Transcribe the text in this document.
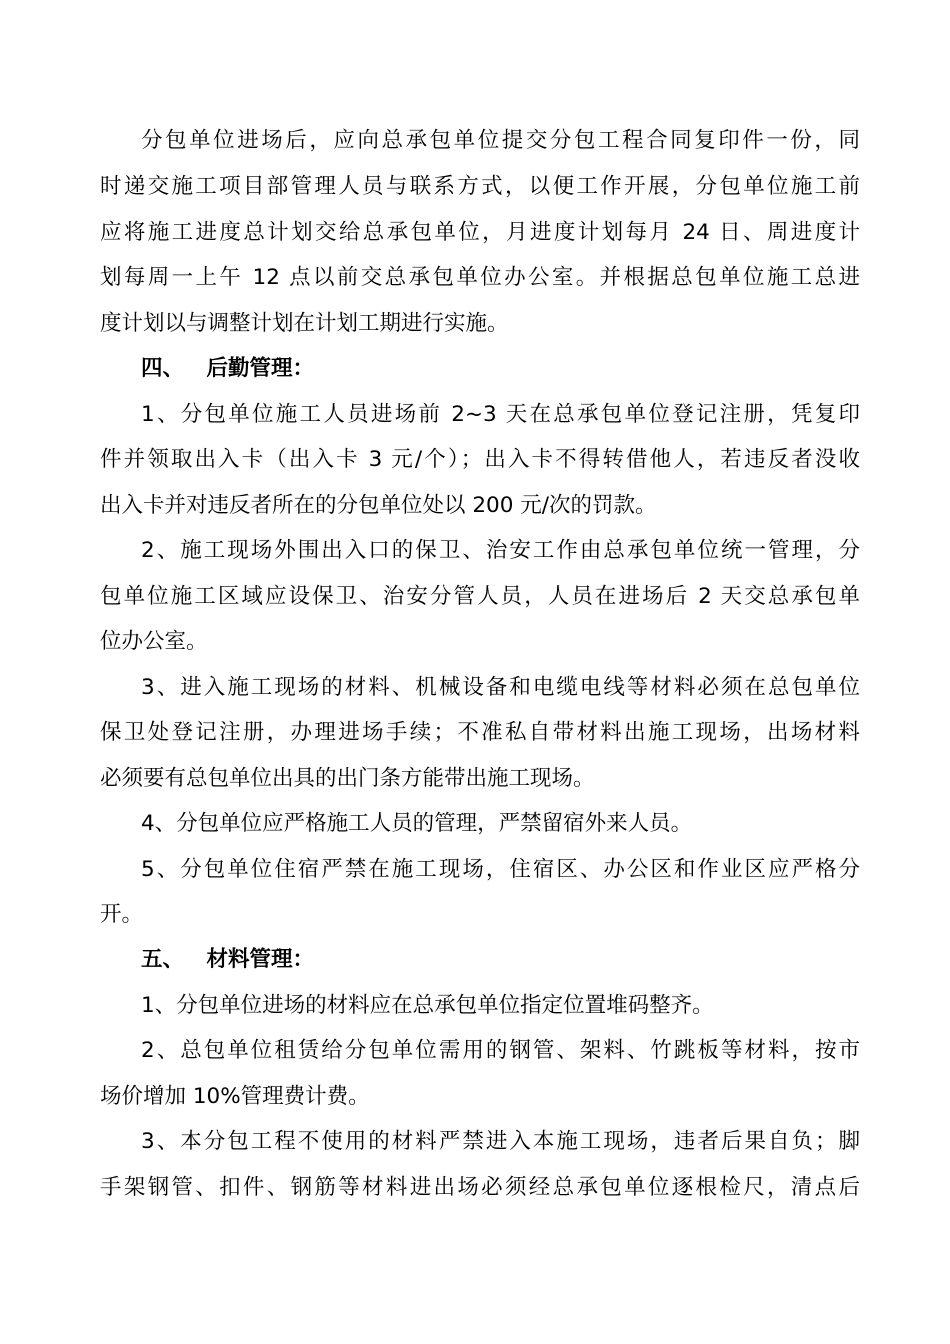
分包单位进场后，应向总承包单位提交分包工程合同复印件一份，同
时递交施工项目部管理人员与联系方式，以便工作开展，分包单位施工前
应将施工进度总计划交给总承包单位，月进度计划每月 24 日、周进度计
划每周一上午 12 点以前交总承包单位办公室。并根据总包单位施工总进
度计划以与调整计划在计划工期进行实施。
四、   后勤管理：
1、分包单位施工人员进场前 2~3 天在总承包单位登记注册，凭复印
件并领取出入卡（出入卡 3 元/个）；出入卡不得转借他人，若违反者没收
出入卡并对违反者所在的分包单位处以 200 元/次的罚款。
2、施工现场外围出入口的保卫、治安工作由总承包单位统一管理，分
包单位施工区域应设保卫、治安分管人员，人员在进场后 2 天交总承包单
位办公室。
3、进入施工现场的材料、机械设备和电缆电线等材料必须在总包单位
保卫处登记注册，办理进场手续；不准私自带材料出施工现场，出场材料
必须要有总包单位出具的出门条方能带出施工现场。
4、分包单位应严格施工人员的管理，严禁留宿外来人员。
5、分包单位住宿严禁在施工现场，住宿区、办公区和作业区应严格分
开。
五、   材料管理：
1、分包单位进场的材料应在总承包单位指定位置堆码整齐。
2、总包单位租赁给分包单位需用的钢管、架料、竹跳板等材料，按市
场价增加 10%管理费计费。
3、本分包工程不使用的材料严禁进入本施工现场，违者后果自负；脚
手架钢管、扣件、钢筋等材料进出场必须经总承包单位逐根检尺，清点后
